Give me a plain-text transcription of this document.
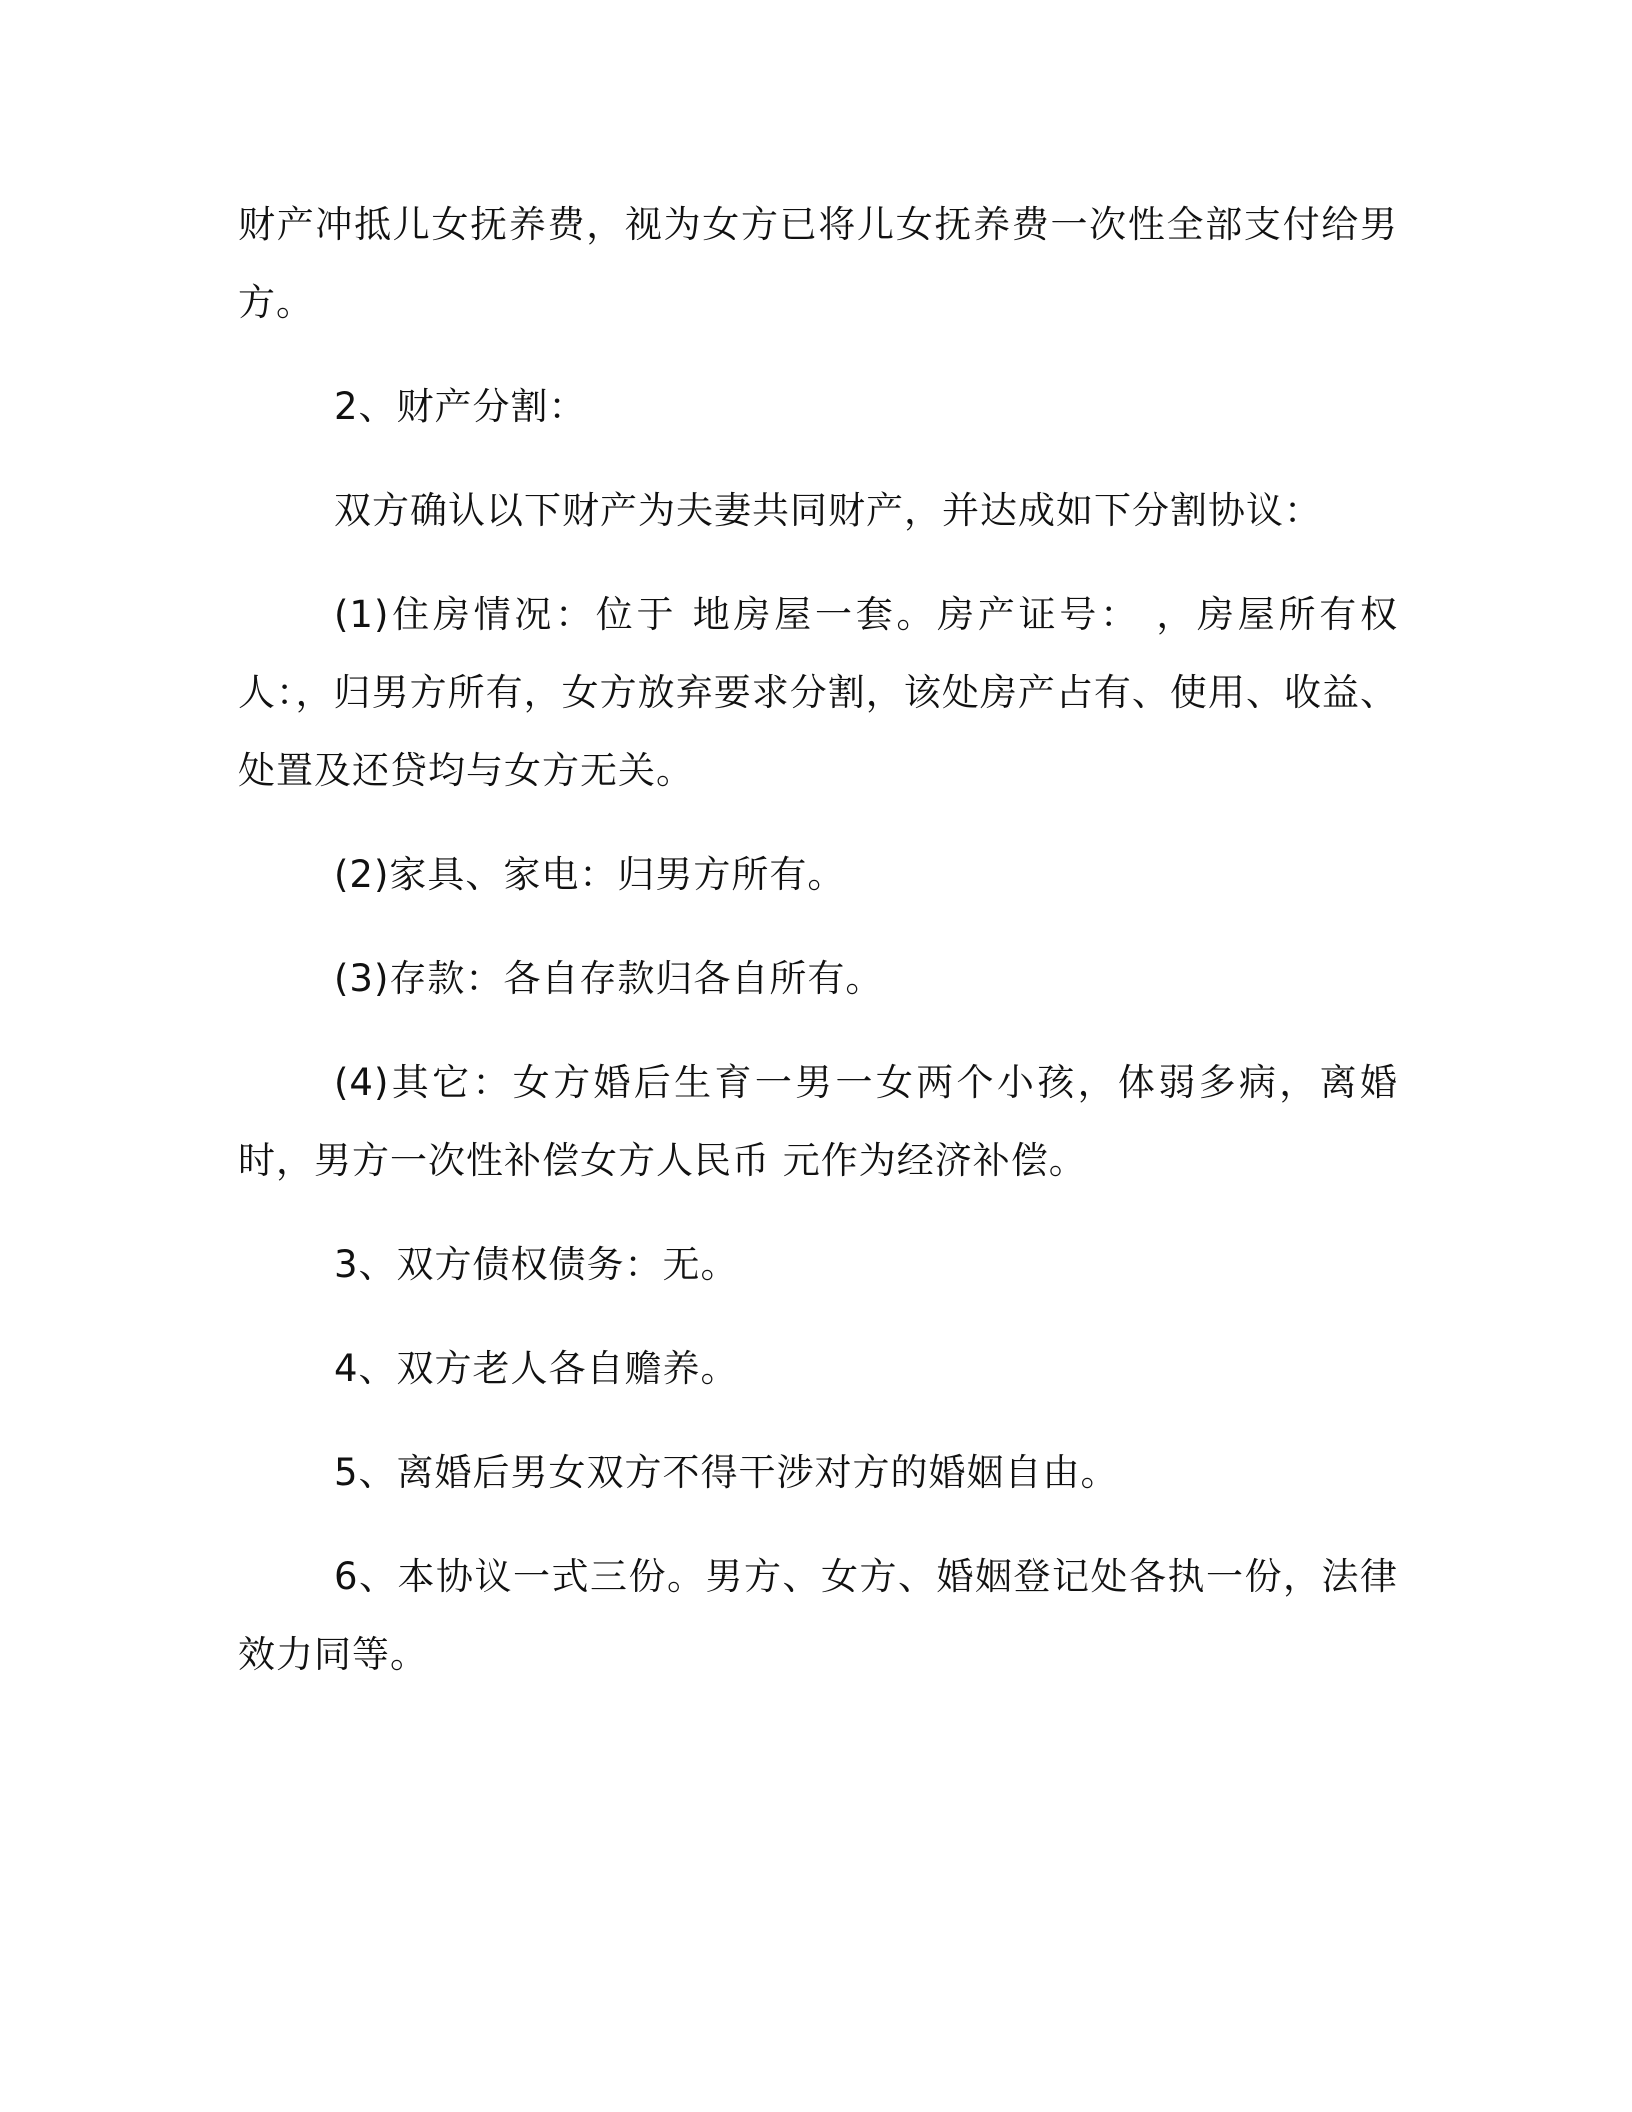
财产冲抵儿女抚养费，视为女方已将儿女抚养费一次性全部支付给男方。

2、财产分割：

双方确认以下财产为夫妻共同财产，并达成如下分割协议：

(1)住房情况：位于 地房屋一套。房产证号： ，房屋所有权人：，归男方所有，女方放弃要求分割，该处房产占有、使用、收益、处置及还贷均与女方无关。

(2)家具、家电：归男方所有。

(3)存款：各自存款归各自所有。

(4)其它：女方婚后生育一男一女两个小孩，体弱多病，离婚时，男方一次性补偿女方人民币 元作为经济补偿。

3、双方债权债务：无。

4、双方老人各自赡养。

5、离婚后男女双方不得干涉对方的婚姻自由。

6、本协议一式三份。男方、女方、婚姻登记处各执一份，法律效力同等。
